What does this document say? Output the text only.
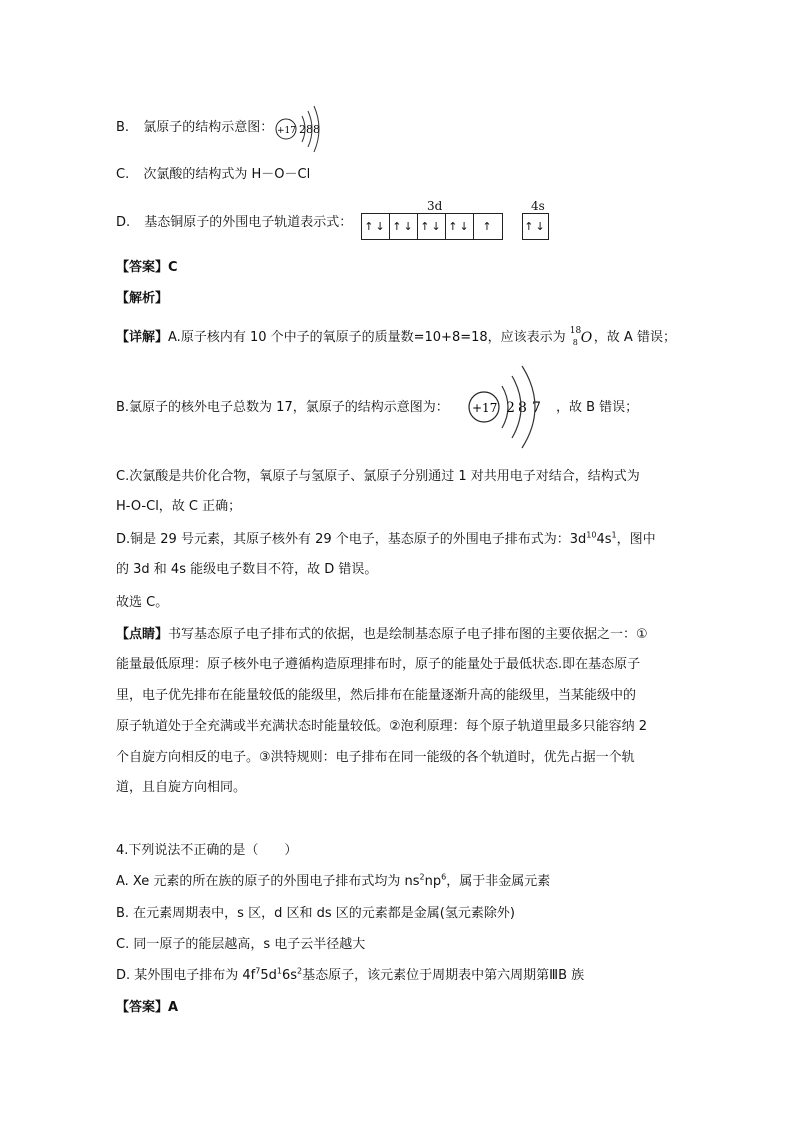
B. 氯原子的结构示意图： +17 288
C. 次氯酸的结构式为 H－O－Cl
D. 基态铜原子的外围电子轨道表示式：
3d
↑↓ ↑↓ ↑↓ ↑↓	↑
4s
↑↓
【答案】C
【解析】
【详解】A.原子核内有 10 个中子的氧原子的质量数=10+8=18，应该表示为 18
8 O ，故 A 错误；
B.氯原子的核外电子总数为 17，氯原子的结构示意图为： +17 2 8 7 ，故 B 错误；
C.次氯酸是共价化合物，氧原子与氢原子、氯原子分别通过 1 对共用电子对结合，结构式为
H-O-Cl，故 C 正确；
D.铜是 29 号元素，其原子核外有 29 个电子，基态原子的外围电子排布式为：$3d^{10}4s^1$，图中
的 3d 和 4s 能级电子数目不符，故 D 错误。
故选 C。
【点睛】书写基态原子电子排布式的依据，也是绘制基态原子电子排布图的主要依据之一：①
能量最低原理：原子核外电子遵循构造原理排布时，原子的能量处于最低状态.即在基态原子
里，电子优先排布在能量较低的能级里，然后排布在能量逐渐升高的能级里，当某能级中的
原子轨道处于全充满或半充满状态时能量较低。②泡利原理：每个原子轨道里最多只能容纳 2
个自旋方向相反的电子。③洪特规则：电子排布在同一能级的各个轨道时，优先占据一个轨
道，且自旋方向相同。
4.下列说法不正确的是（　　）
A. Xe 元素的所在族的原子的外围电子排布式均为 $ns^2np^6$，属于非金属元素
B. 在元素周期表中，s 区，d 区和 ds 区的元素都是金属(氢元素除外)
C. 同一原子的能层越高，s 电子云半径越大
D. 某外围电子排布为 $4f^75d^16s^2$基态原子，该元素位于周期表中第六周期第ⅢB 族
【答案】A
